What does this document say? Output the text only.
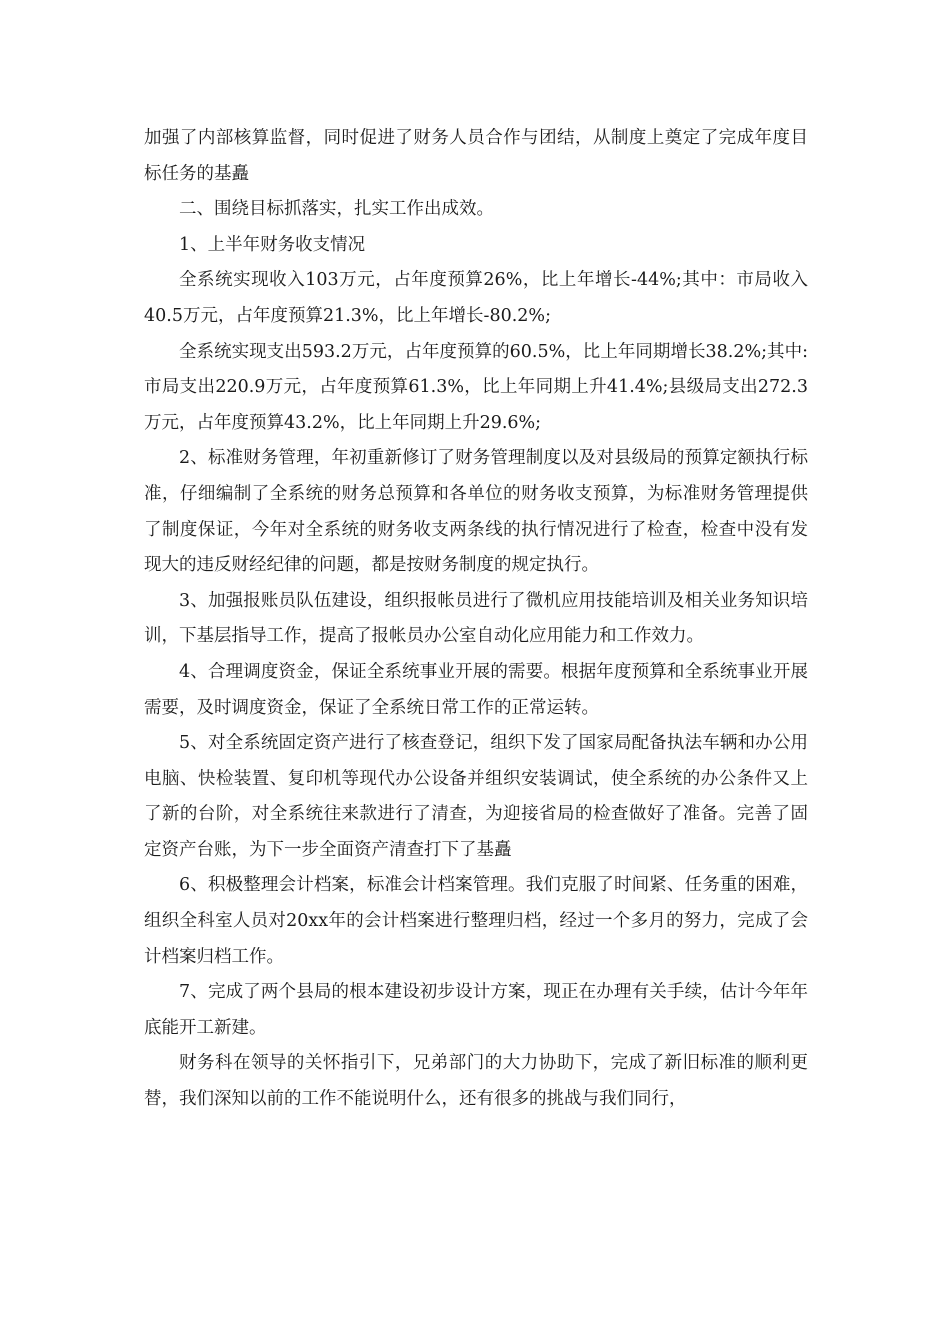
加强了内部核算监督，同时促进了财务人员合作与团结，从制度上奠定了完成年度目标任务的基矗

二、围绕目标抓落实，扎实工作出成效。

1、上半年财务收支情况

全系统实现收入103万元，占年度预算26%，比上年增长-44%;其中：市局收入40.5万元，占年度预算21.3%，比上年增长-80.2%;

全系统实现支出593.2万元，占年度预算的60.5%，比上年同期增长38.2%;其中:市局支出220.9万元，占年度预算61.3%，比上年同期上升41.4%;县级局支出272.3万元，占年度预算43.2%，比上年同期上升29.6%;

2、标准财务管理，年初重新修订了财务管理制度以及对县级局的预算定额执行标准，仔细编制了全系统的财务总预算和各单位的财务收支预算，为标准财务管理提供了制度保证，今年对全系统的财务收支两条线的执行情况进行了检查，检查中没有发现大的违反财经纪律的问题，都是按财务制度的规定执行。

3、加强报账员队伍建设，组织报帐员进行了微机应用技能培训及相关业务知识培训，下基层指导工作，提高了报帐员办公室自动化应用能力和工作效力。

4、合理调度资金，保证全系统事业开展的需要。根据年度预算和全系统事业开展需要，及时调度资金，保证了全系统日常工作的正常运转。

5、对全系统固定资产进行了核查登记，组织下发了国家局配备执法车辆和办公用电脑、快检装置、复印机等现代办公设备并组织安装调试，使全系统的办公条件又上了新的台阶，对全系统往来款进行了清查，为迎接省局的检查做好了准备。完善了固定资产台账，为下一步全面资产清查打下了基矗

6、积极整理会计档案，标准会计档案管理。我们克服了时间紧、任务重的困难，组织全科室人员对20xx年的会计档案进行整理归档，经过一个多月的努力，完成了会计档案归档工作。

7、完成了两个县局的根本建设初步设计方案，现正在办理有关手续，估计今年年底能开工新建。

财务科在领导的关怀指引下，兄弟部门的大力协助下，完成了新旧标准的顺利更替，我们深知以前的工作不能说明什么，还有很多的挑战与我们同行，
